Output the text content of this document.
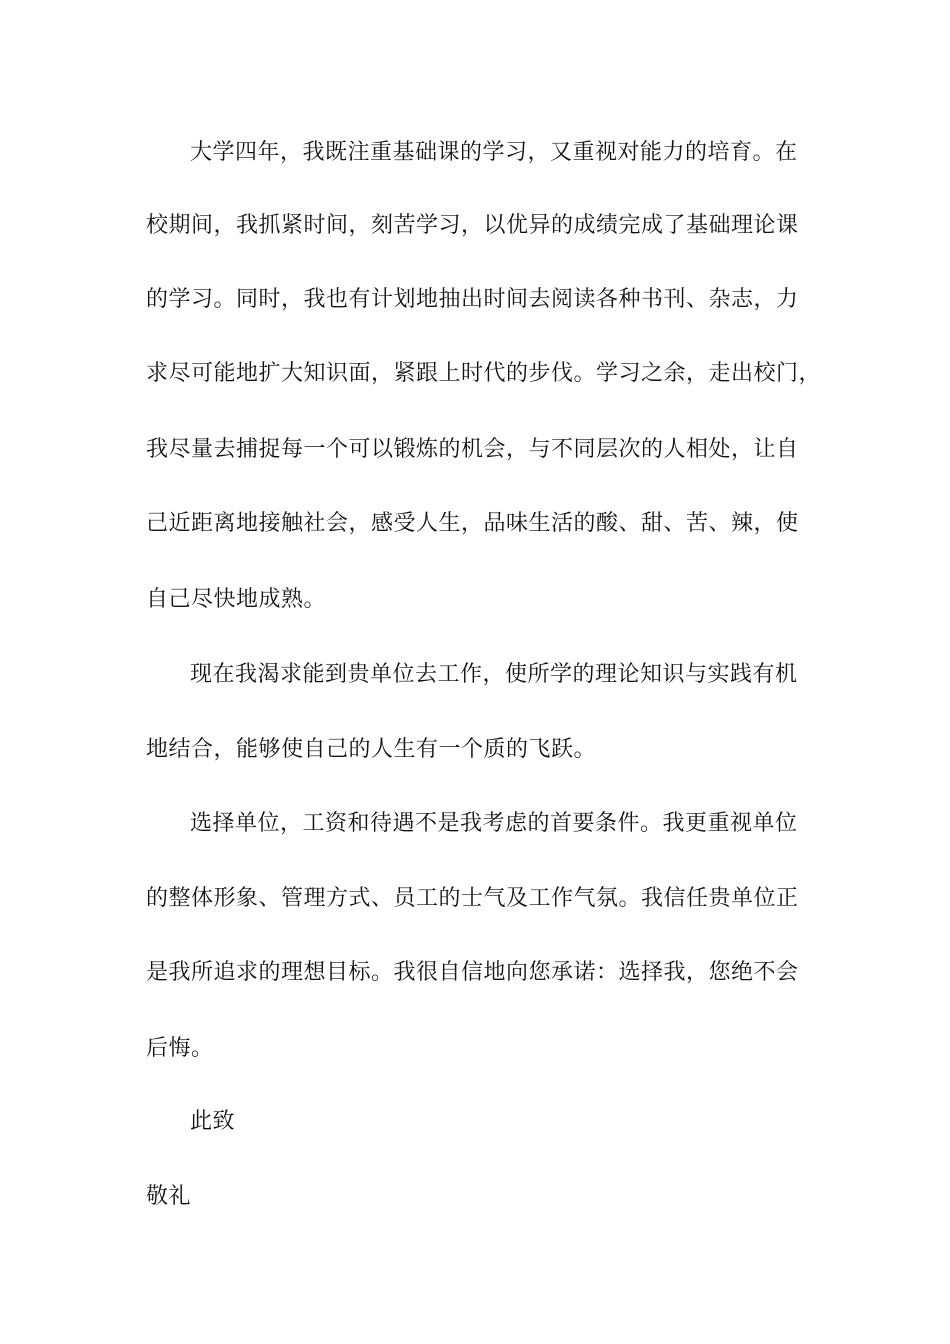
大学四年，我既注重基础课的学习，又重视对能力的培育。在
校期间，我抓紧时间，刻苦学习，以优异的成绩完成了基础理论课
的学习。同时，我也有计划地抽出时间去阅读各种书刊、杂志，力
求尽可能地扩大知识面，紧跟上时代的步伐。学习之余，走出校门，
我尽量去捕捉每一个可以锻炼的机会，与不同层次的人相处，让自
己近距离地接触社会，感受人生，品味生活的酸、甜、苦、辣，使
自己尽快地成熟。
现在我渴求能到贵单位去工作，使所学的理论知识与实践有机
地结合，能够使自己的人生有一个质的飞跃。
选择单位，工资和待遇不是我考虑的首要条件。我更重视单位
的整体形象、管理方式、员工的士气及工作气氛。我信任贵单位正
是我所追求的理想目标。我很自信地向您承诺：选择我，您绝不会
后悔。
此致
敬礼
